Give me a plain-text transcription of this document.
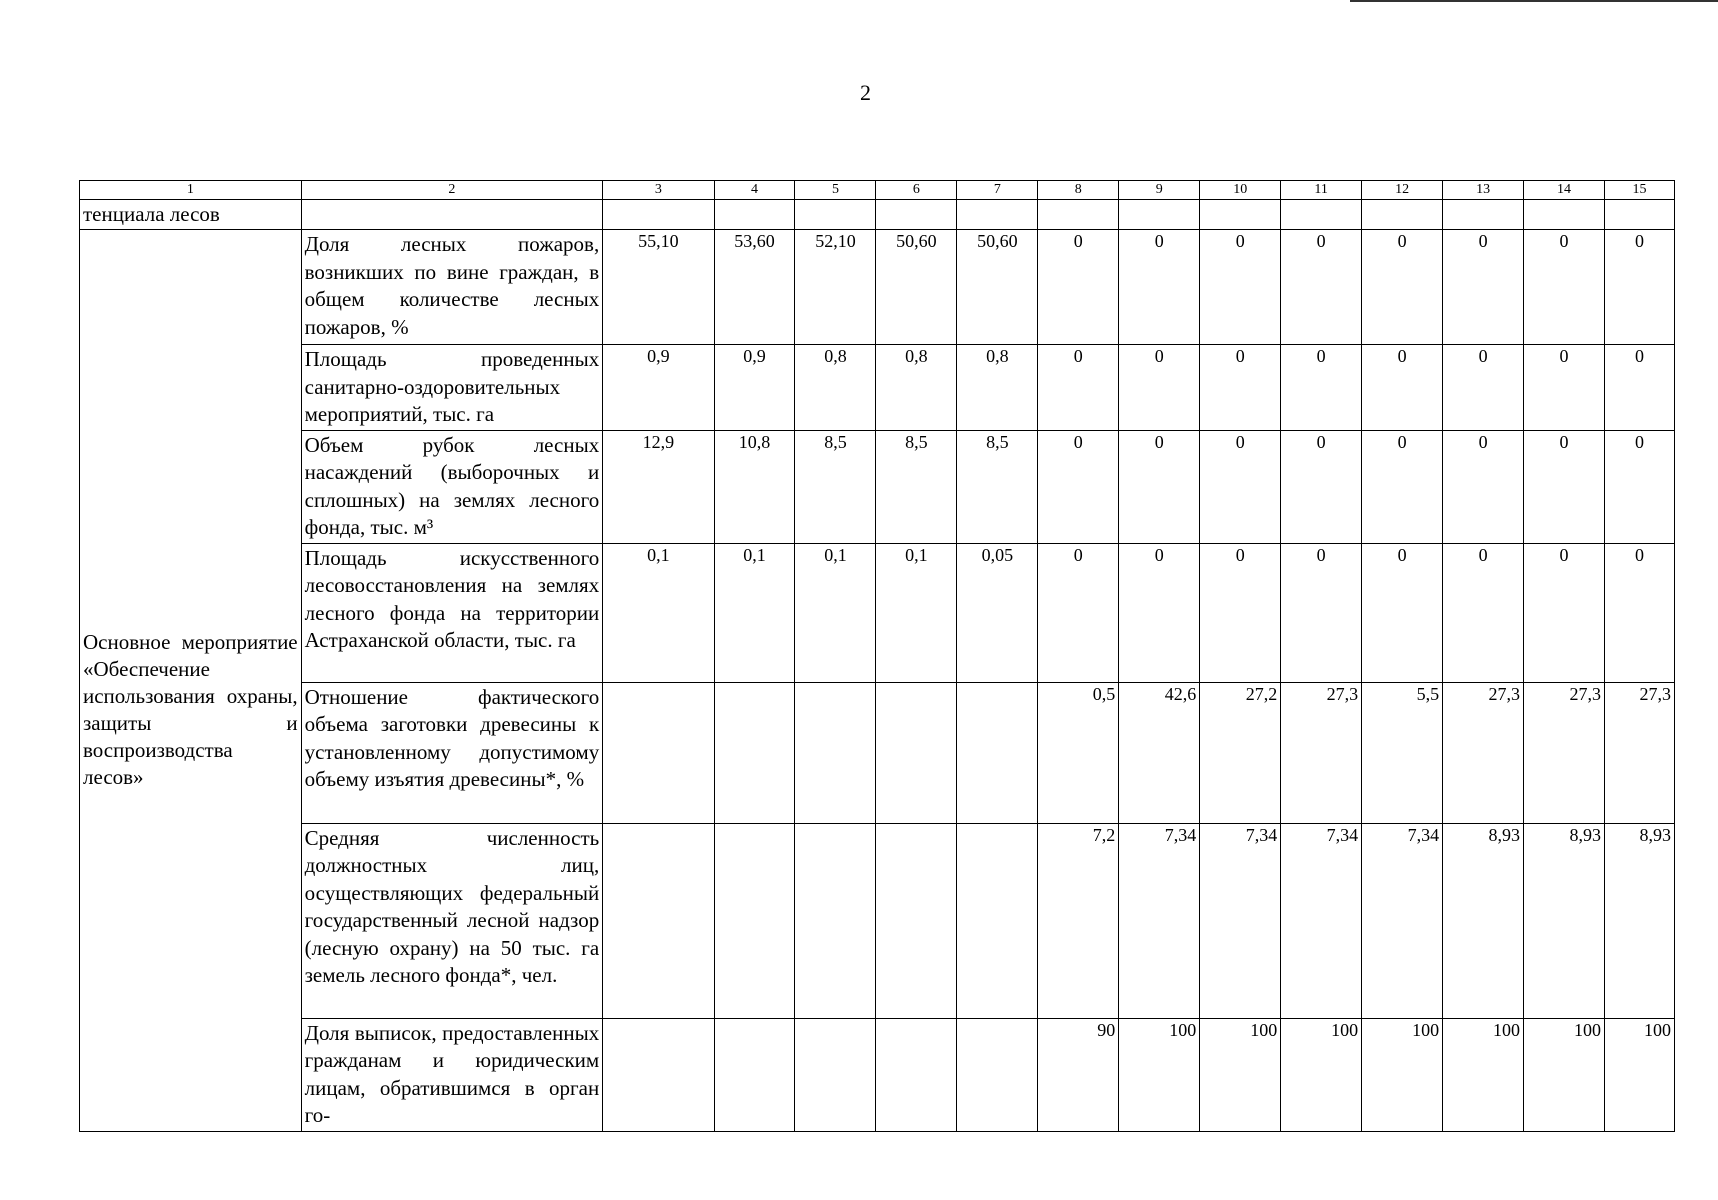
2
1	2	3	4	5	6	7	8	9	10	11	12	13	14	15
тенциала лесов														
Основное мероприятие «Обеспечение использования охраны, защиты и воспроизводства лесов»	Доля лесных пожаров, возникших по вине граждан, в общем количестве лесных пожаров, %	55,10	53,60	52,10	50,60	50,60	0	0	0	0	0	0	0	0
	Площадь проведенных санитарно-оздоровительных мероприятий, тыс. га	0,9	0,9	0,8	0,8	0,8	0	0	0	0	0	0	0	0
	Объем рубок лесных насаждений (выборочных и сплошных) на землях лесного фонда, тыс. м³	12,9	10,8	8,5	8,5	8,5	0	0	0	0	0	0	0	0
	Площадь искусственного лесовосстановления на землях лесного фонда на территории Астраханской области, тыс. га	0,1	0,1	0,1	0,1	0,05	0	0	0	0	0	0	0	0
	Отношение фактического объема заготовки древесины к установленному допустимому объему изъятия древесины*, %						0,5	42,6	27,2	27,3	5,5	27,3	27,3	27,3
	Средняя численность должностных лиц, осуществляющих федеральный государственный лесной надзор (лесную охрану) на 50 тыс. га земель лесного фонда*, чел.						7,2	7,34	7,34	7,34	7,34	8,93	8,93	8,93
	Доля выписок, предоставленных гражданам и юридическим лицам, обратившимся в орган го-						90	100	100	100	100	100	100	100
